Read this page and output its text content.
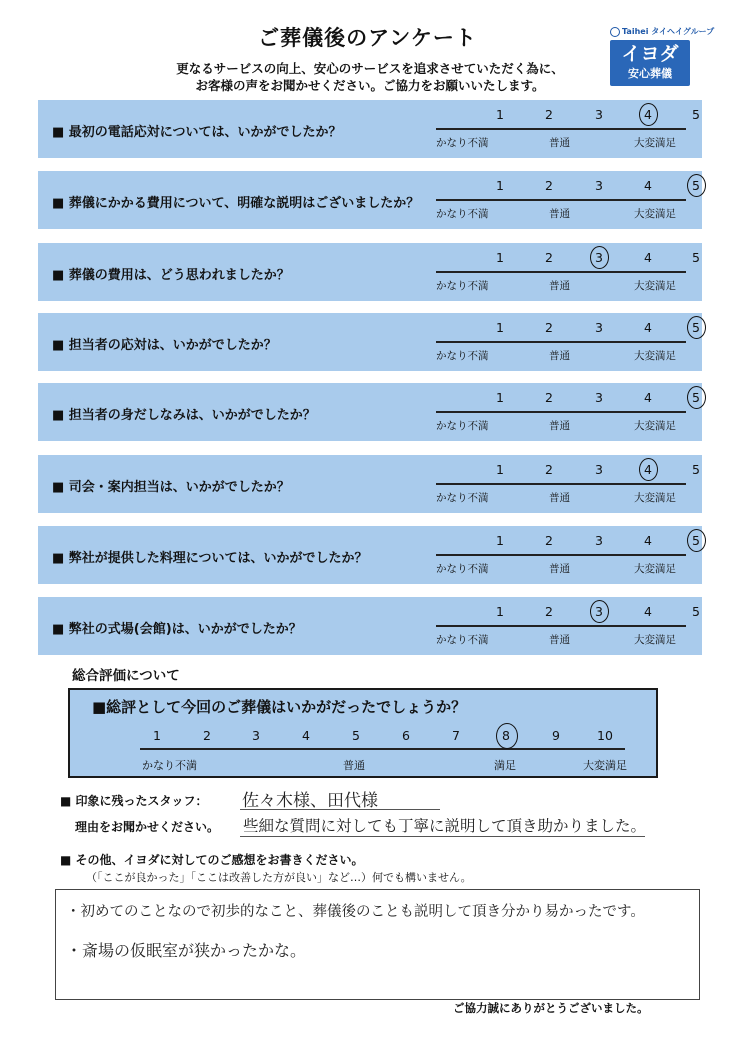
ご葬儀後のアンケート
更なるサービスの向上、安心のサービスを追求させていただく為に、
お客様の声をお聞かせください。ご協力をお願いいたします。
Taihei タイヘイグループ
イヨダ
安心葬儀
■ 最初の電話応対については、いかがでしたか？
1	2	3	4	5
かなり不満	普通	大変満足
■ 葬儀にかかる費用について、明確な説明はございましたか？
1	2	3	4	5
かなり不満	普通	大変満足
■ 葬儀の費用は、どう思われましたか？
1	2	3	4	5
かなり不満	普通	大変満足
■ 担当者の応対は、いかがでしたか？
1	2	3	4	5
かなり不満	普通	大変満足
■ 担当者の身だしなみは、いかがでしたか？
1	2	3	4	5
かなり不満	普通	大変満足
■ 司会・案内担当は、いかがでしたか？
1	2	3	4	5
かなり不満	普通	大変満足
■ 弊社が提供した料理については、いかがでしたか？
1	2	3	4	5
かなり不満	普通	大変満足
■ 弊社の式場(会館)は、いかがでしたか？
1	2	3	4	5
かなり不満	普通	大変満足
総合評価について
■総評として今回のご葬儀はいかがだったでしょうか？
かなり不満	普通	満足	大変満足
1	2	3	4	5	6	7	8	9	10
■ 印象に残ったスタッフ： 佐々木様、田代様
理由をお聞かせください。 些細な質問に対しても丁寧に説明して頂き助かりました。
■ その他、イヨダに対してのご感想をお書きください。
（「ここが良かった」「ここは改善した方が良い」など…）何でも構いません。
・初めてのことなので初歩的なこと、葬儀後のことも説明して頂き分かり易かったです。
・斎場の仮眠室が狭かったかな。
ご協力誠にありがとうございました。
